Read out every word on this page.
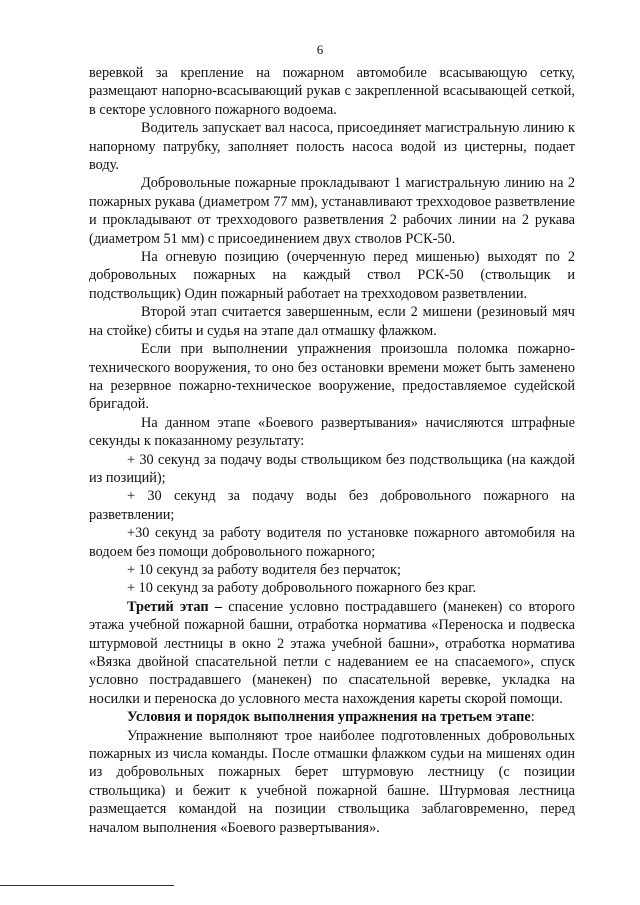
6

веревкой за крепление на пожарном автомобиле всасывающую сетку, размещают напорно-всасывающий рукав с закрепленной всасывающей сеткой, в секторе условного пожарного водоема.

Водитель запускает вал насоса, присоединяет магистральную линию к напорному патрубку, заполняет полость насоса водой из цистерны, подает воду.

Добровольные пожарные прокладывают 1 магистральную линию на 2 пожарных рукава (диаметром 77 мм), устанавливают трехходовое разветвление и прокладывают от трехходового разветвления 2 рабочих линии на 2 рукава (диаметром 51 мм) с присоединением двух стволов РСК-50.

На огневую позицию (очерченную перед мишенью) выходят по 2 добровольных пожарных на каждый ствол РСК-50 (ствольщик и подствольщик) Один пожарный работает на трехходовом разветвлении.

Второй этап считается завершенным, если 2 мишени (резиновый мяч на стойке) сбиты и судья на этапе дал отмашку флажком.

Если при выполнении упражнения произошла поломка пожарно-технического вооружения, то оно без остановки времени может быть заменено на резервное пожарно-техническое вооружение, предоставляемое судейской бригадой.

На данном этапе «Боевого развертывания» начисляются штрафные секунды к показанному результату:

+ 30 секунд за подачу воды ствольщиком без подствольщика (на каждой из позиций);

+ 30 секунд за подачу воды без добровольного пожарного на разветвлении;

+30 секунд за работу водителя по установке пожарного автомобиля на водоем без помощи добровольного пожарного;

+ 10 секунд за работу водителя без перчаток;

+ 10 секунд за работу добровольного пожарного без краг.

Третий этап – спасение условно пострадавшего (манекен) со второго этажа учебной пожарной башни, отработка норматива «Переноска и подвеска штурмовой лестницы в окно 2 этажа учебной башни», отработка норматива «Вязка двойной спасательной петли с надеванием ее на спасаемого», спуск условно пострадавшего (манекен) по спасательной веревке, укладка на носилки и переноска до условного места нахождения кареты скорой помощи.

Условия и порядок выполнения упражнения на третьем этапе:

Упражнение выполняют трое наиболее подготовленных добровольных пожарных из числа команды. После отмашки флажком судьи на мишенях один из добровольных пожарных берет штурмовую лестницу (с позиции ствольщика) и бежит к учебной пожарной башне. Штурмовая лестница размещается командой на позиции ствольщика заблаговременно, перед началом выполнения «Боевого развертывания».
